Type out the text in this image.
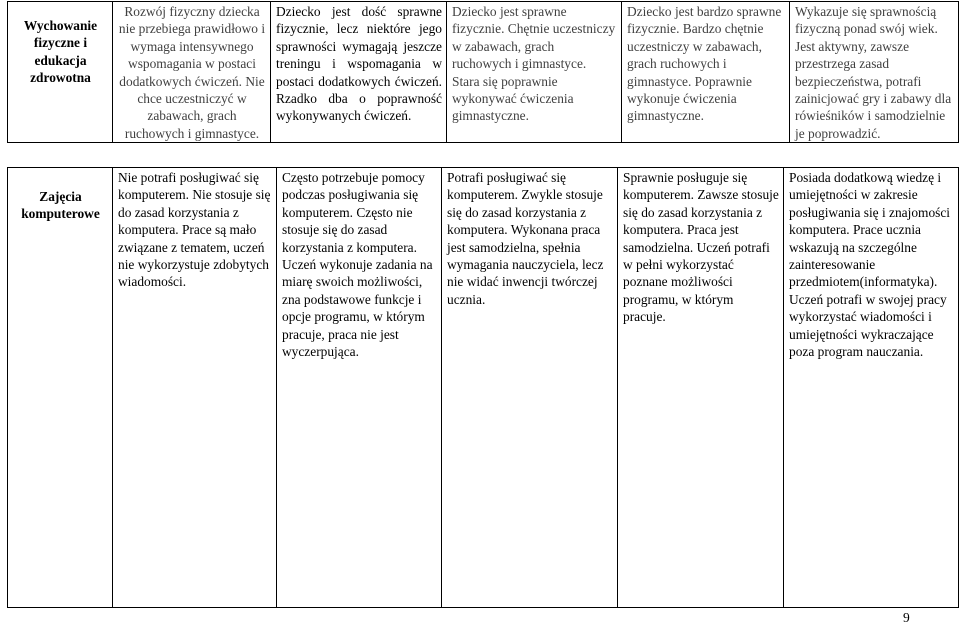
Wychowanie fizyczne i edukacja zdrowotna	Rozwój fizyczny dziecka nie przebiega prawidłowo i wymaga intensywnego wspomagania w postaci dodatkowych ćwiczeń. Nie chce uczestniczyć w zabawach, grach ruchowych i gimnastyce.	Dziecko jest dość sprawne fizycznie, lecz niektóre jego sprawności wymagają jeszcze treningu i wspomagania w postaci dodatkowych ćwiczeń. Rzadko dba o poprawność wykonywanych ćwiczeń.	Dziecko jest sprawne fizycznie. Chętnie uczestniczy w zabawach, grach ruchowych i gimnastyce. Stara się poprawnie wykonywać ćwiczenia gimnastyczne.	Dziecko jest bardzo sprawne fizycznie. Bardzo chętnie uczestniczy w zabawach, grach ruchowych i gimnastyce. Poprawnie wykonuje ćwiczenia gimnastyczne.	Wykazuje się sprawnością fizyczną ponad swój wiek. Jest aktywny, zawsze przestrzega zasad bezpieczeństwa, potrafi zainicjować gry i zabawy dla rówieśników i samodzielnie je poprowadzić.
Zajęcia komputerowe	Nie potrafi posługiwać się komputerem. Nie stosuje się do zasad korzystania z komputera. Prace są mało związane z tematem, uczeń nie wykorzystuje zdobytych wiadomości.	Często potrzebuje pomocy podczas posługiwania się komputerem. Często nie stosuje się do zasad korzystania z komputera. Uczeń wykonuje zadania na miarę swoich możliwości, zna podstawowe funkcje i opcje programu, w którym pracuje, praca nie jest wyczerpująca.	Potrafi posługiwać się komputerem. Zwykle stosuje się do zasad korzystania z komputera. Wykonana praca jest samodzielna, spełnia wymagania nauczyciela, lecz nie widać inwencji twórczej ucznia.	Sprawnie posługuje się komputerem. Zawsze stosuje się do zasad korzystania z komputera. Praca jest samodzielna. Uczeń potrafi w pełni wykorzystać poznane możliwości programu, w którym pracuje.	Posiada dodatkową wiedzę i umiejętności w zakresie posługiwania się i znajomości komputera. Prace ucznia wskazują na szczególne zainteresowanie przedmiotem(informatyka). Uczeń potrafi w swojej pracy wykorzystać wiadomości i umiejętności wykraczające poza program nauczania.
9
